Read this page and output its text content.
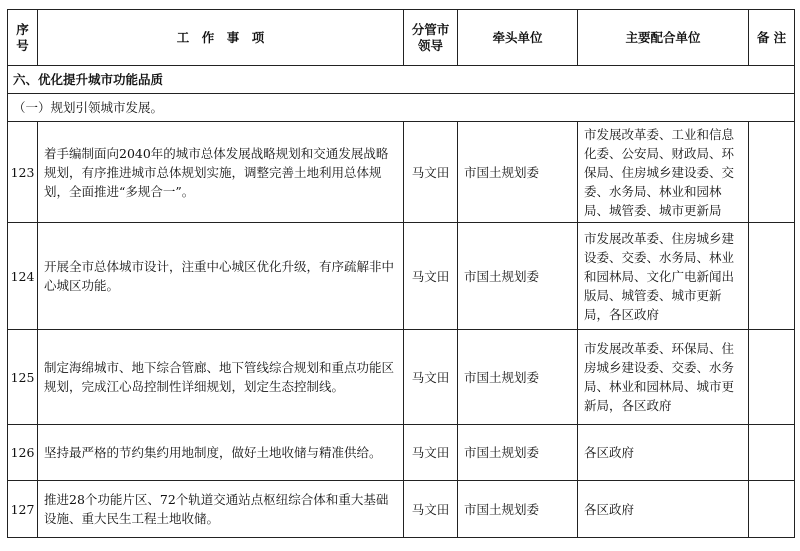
序号	工　作　事　项	分管市领导	牵头单位	主要配合单位	备 注
六、优化提升城市功能品质					
（一）规划引领城市发展。					
123	着手编制面向2040年的城市总体发展战略规划和交通发展战略规划，有序推进城市总体规划实施，调整完善土地利用总体规划，全面推进“多规合一”。	马文田	市国土规划委	市发展改革委、工业和信息化委、公安局、财政局、环保局、住房城乡建设委、交委、水务局、林业和园林局、城管委、城市更新局	
124	开展全市总体城市设计，注重中心城区优化升级，有序疏解非中心城区功能。	马文田	市国土规划委	市发展改革委、住房城乡建设委、交委、水务局、林业和园林局、文化广电新闻出版局、城管委、城市更新局，各区政府	
125	制定海绵城市、地下综合管廊、地下管线综合规划和重点功能区规划，完成江心岛控制性详细规划，划定生态控制线。	马文田	市国土规划委	市发展改革委、环保局、住房城乡建设委、交委、水务局、林业和园林局、城市更新局，各区政府	
126	坚持最严格的节约集约用地制度，做好土地收储与精准供给。	马文田	市国土规划委	各区政府	
127	推进28个功能片区、72个轨道交通站点枢纽综合体和重大基础设施、重大民生工程土地收储。	马文田	市国土规划委	各区政府	
